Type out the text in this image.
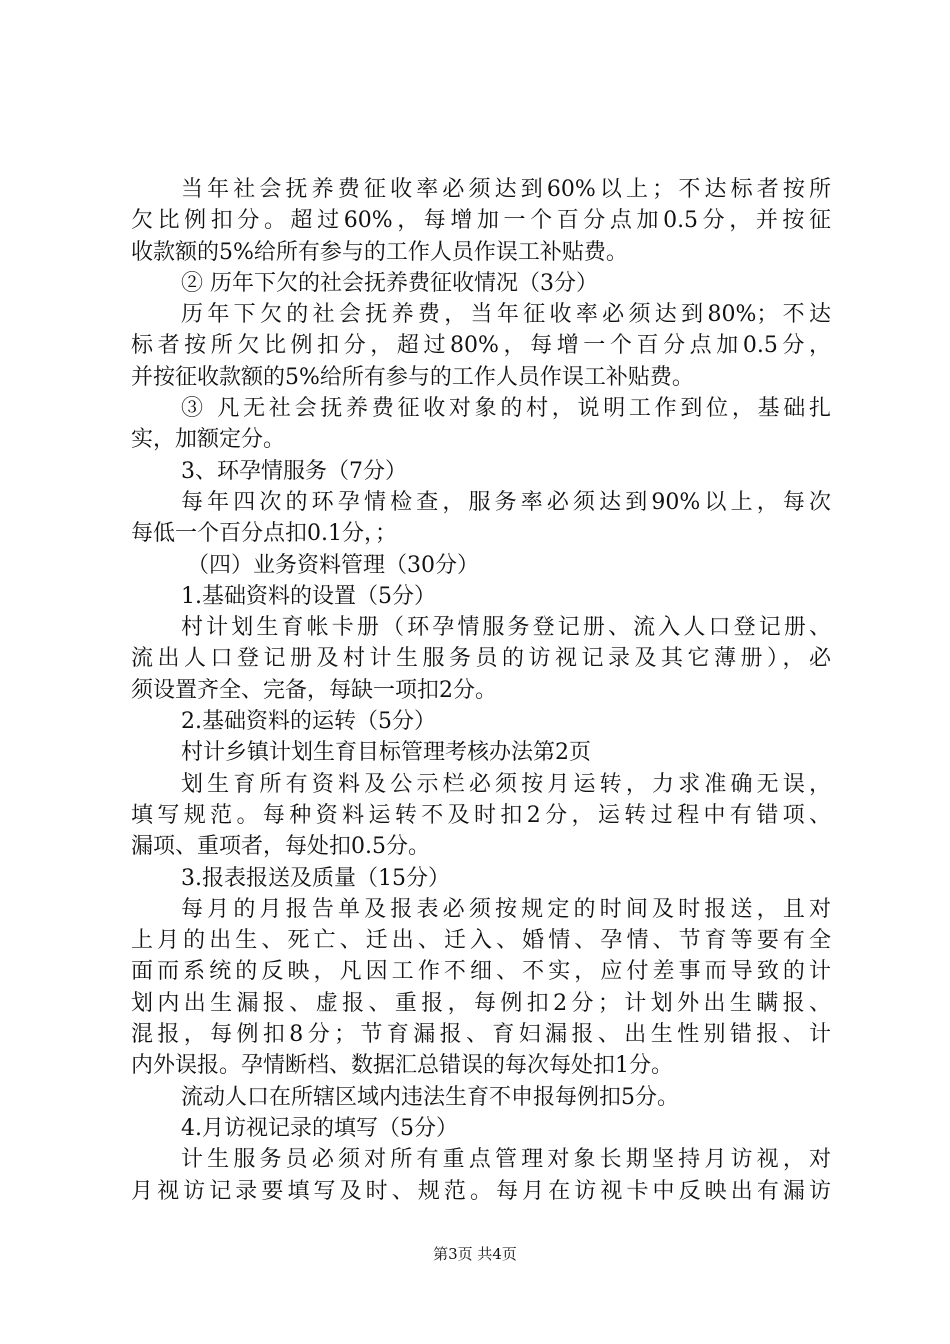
当年社会抚养费征收率必须达到60%以上；不达标者按所
欠比例扣分。超过60%，每增加一个百分点加0.5分，并按征
收款额的5%给所有参与的工作人员作误工补贴费。
② 历年下欠的社会抚养费征收情况（3分）
历年下欠的社会抚养费，当年征收率必须达到80%；不达
标者按所欠比例扣分，超过80%，每增一个百分点加0.5分，
并按征收款额的5%给所有参与的工作人员作误工补贴费。
③ 凡无社会抚养费征收对象的村，说明工作到位，基础扎
实，加额定分。
3、环孕情服务（7分）
每年四次的环孕情检查，服务率必须达到90%以上，每次
每低一个百分点扣0.1分，；
（四）业务资料管理（30分）
1.基础资料的设置（5分）
村计划生育帐卡册（环孕情服务登记册、流入人口登记册、
流出人口登记册及村计生服务员的访视记录及其它薄册），必
须设置齐全、完备，每缺一项扣2分。
2.基础资料的运转（5分）
村计乡镇计划生育目标管理考核办法第2页
划生育所有资料及公示栏必须按月运转，力求准确无误，
填写规范。每种资料运转不及时扣2分，运转过程中有错项、
漏项、重项者，每处扣0.5分。
3.报表报送及质量（15分）
每月的月报告单及报表必须按规定的时间及时报送，且对
上月的出生、死亡、迁出、迁入、婚情、孕情、节育等要有全
面而系统的反映，凡因工作不细、不实，应付差事而导致的计
划内出生漏报、虚报、重报，每例扣2分；计划外出生瞒报、
混报，每例扣8分；节育漏报、育妇漏报、出生性别错报、计
内外误报。孕情断档、数据汇总错误的每次每处扣1分。
流动人口在所辖区域内违法生育不申报每例扣5分。
4.月访视记录的填写（5分）
计生服务员必须对所有重点管理对象长期坚持月访视，对
月视访记录要填写及时、规范。每月在访视卡中反映出有漏访
第3页 共4页
